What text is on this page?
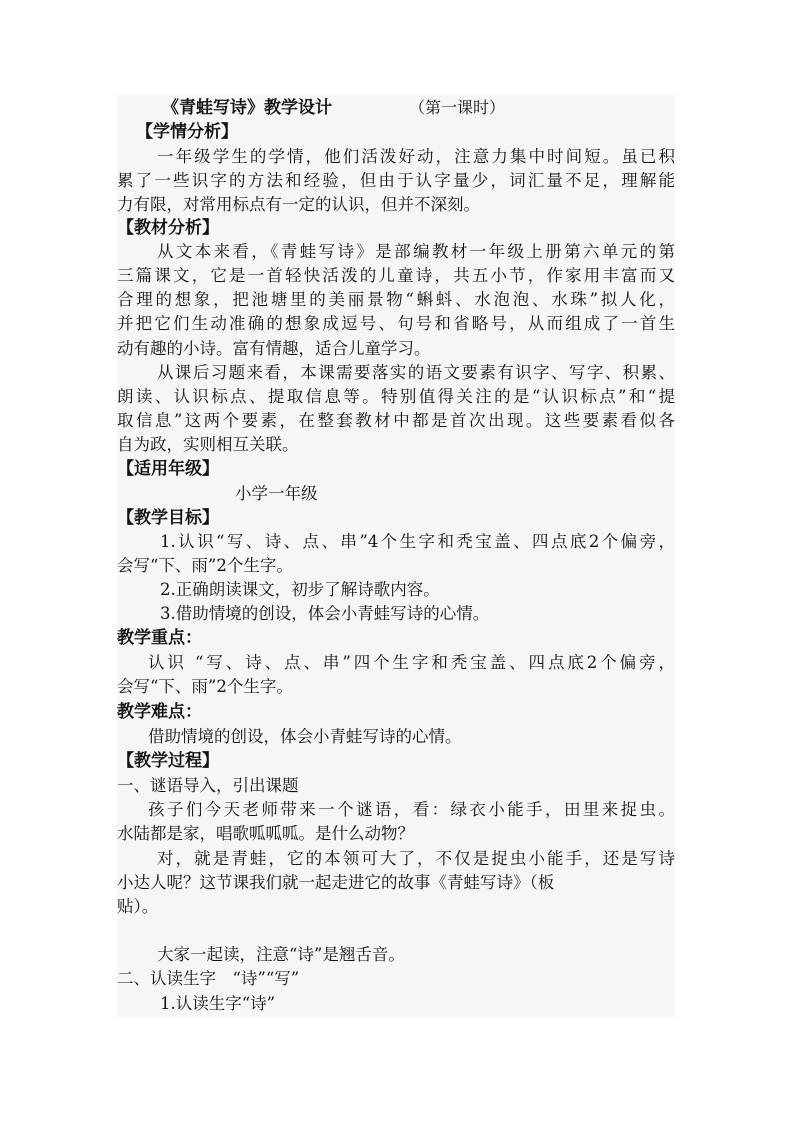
《青蛙写诗》教学设计	（第一课时）
【学情分析】
一年级学生的学情，他们活泼好动，注意力集中时间短。虽已积
累了一些识字的方法和经验，但由于认字量少，词汇量不足，理解能
力有限，对常用标点有一定的认识，但并不深刻。
【教材分析】
从文本来看，《青蛙写诗》是部编教材一年级上册第六单元的第
三篇课文，它是一首轻快活泼的儿童诗，共五小节，作家用丰富而又
合理的想象，把池塘里的美丽景物“蝌蚪、水泡泡、水珠”拟人化，
并把它们生动准确的想象成逗号、句号和省略号，从而组成了一首生
动有趣的小诗。富有情趣，适合儿童学习。
从课后习题来看，本课需要落实的语文要素有识字、写字、积累、
朗读、认识标点、提取信息等。特别值得关注的是“认识标点”和“提
取信息”这两个要素，在整套教材中都是首次出现。这些要素看似各
自为政，实则相互关联。
【适用年级】
小学一年级
【教学目标】
1.认识“写、诗、点、串”4个生字和秃宝盖、四点底2个偏旁，
会写“下、雨”2个生字。
2.正确朗读课文，初步了解诗歌内容。
3.借助情境的创设，体会小青蛙写诗的心情。
教学重点：
认识 “写、诗、点、串”四个生字和秃宝盖、四点底2个偏旁，
会写“下、雨”2个生字。
教学难点：
借助情境的创设，体会小青蛙写诗的心情。
【教学过程】
一、谜语导入，引出课题
孩子们今天老师带来一个谜语，看：绿衣小能手，田里来捉虫。
水陆都是家，唱歌呱呱呱。是什么动物？
对，就是青蛙，它的本领可大了，不仅是捉虫小能手，还是写诗
小达人呢？这节课我们就一起走进它的故事《青蛙写诗》（板
贴）。
大家一起读，注意“诗”是翘舌音。
二、认读生字　“诗”“写”
1.认读生字“诗”
